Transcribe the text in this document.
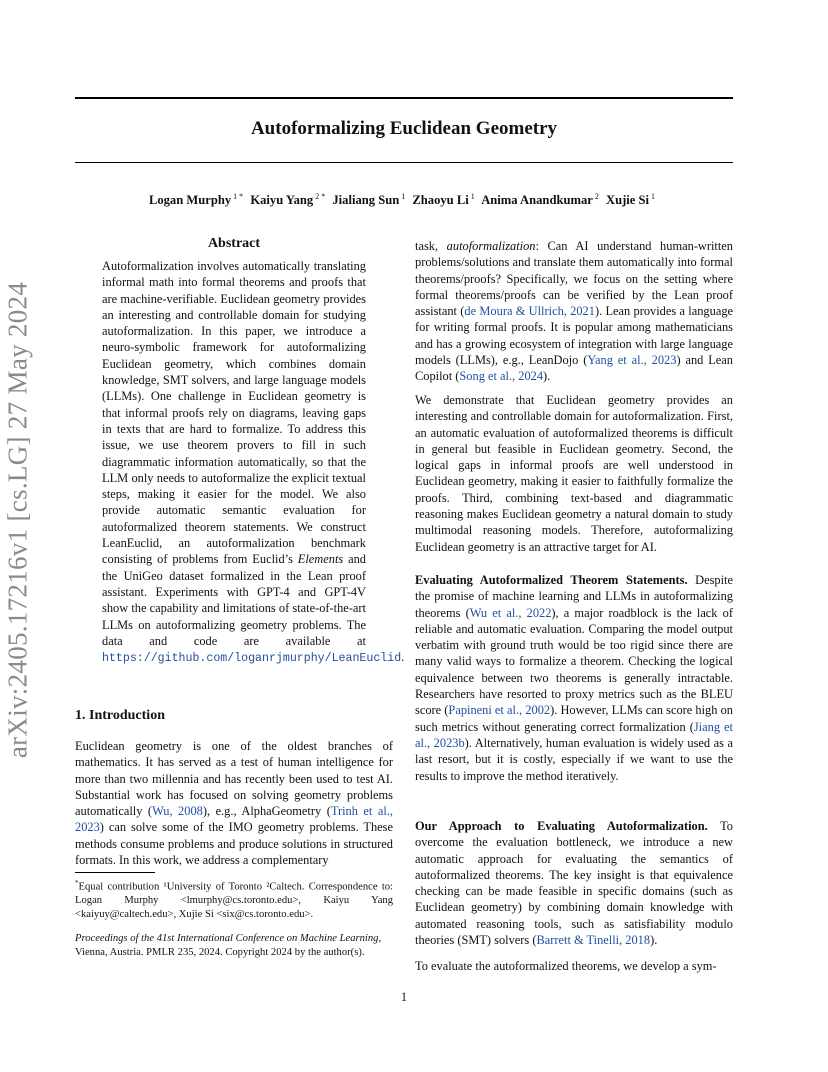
arXiv:2405.17216v1 [cs.LG] 27 May 2024
Autoformalizing Euclidean Geometry
Logan Murphy $^{1 *}$ Kaiyu Yang $^{2 *}$ Jialiang Sun $^1$ Zhaoyu Li $^1$ Anima Anandkumar $^2$ Xujie Si $^1$
Abstract
Autoformalization involves automatically translating informal math into formal theorems and proofs that are machine-verifiable. Euclidean geometry provides an interesting and controllable domain for studying autoformalization. In this paper, we introduce a neuro-symbolic framework for autoformalizing Euclidean geometry, which combines domain knowledge, SMT solvers, and large language models (LLMs). One challenge in Euclidean geometry is that informal proofs rely on diagrams, leaving gaps in texts that are hard to formalize. To address this issue, we use theorem provers to fill in such diagrammatic information automatically, so that the LLM only needs to autoformalize the explicit textual steps, making it easier for the model. We also provide automatic semantic evaluation for autoformalized theorem statements. We construct LeanEuclid, an autoformalization benchmark consisting of problems from Euclid’s Elements and the UniGeo dataset formalized in the Lean proof assistant. Experiments with GPT-4 and GPT-4V show the capability and limitations of state-of-the-art LLMs on autoformalizing geometry problems. The data and code are available at https://github.com/loganrjmurphy/LeanEuclid.
1. Introduction
Euclidean geometry is one of the oldest branches of mathematics. It has served as a test of human intelligence for more than two millennia and has recently been used to test AI. Substantial work has focused on solving geometry problems automatically (Wu, 2008), e.g., AlphaGeometry (Trinh et al., 2023) can solve some of the IMO geometry problems. These methods consume problems and produce solutions in structured formats. In this work, we address a complementary
*Equal contribution ¹University of Toronto ²Caltech. Correspondence to: Logan Murphy <lmurphy@cs.toronto.edu>, Kaiyu Yang <kaiyuy@caltech.edu>, Xujie Si <six@cs.toronto.edu>.
Proceedings of the 41st International Conference on Machine Learning, Vienna, Austria. PMLR 235, 2024. Copyright 2024 by the author(s).
task, autoformalization: Can AI understand human-written problems/solutions and translate them automatically into formal theorems/proofs? Specifically, we focus on the setting where formal theorems/proofs can be verified by the Lean proof assistant (de Moura & Ullrich, 2021). Lean provides a language for writing formal proofs. It is popular among mathematicians and has a growing ecosystem of integration with large language models (LLMs), e.g., LeanDojo (Yang et al., 2023) and Lean Copilot (Song et al., 2024).
We demonstrate that Euclidean geometry provides an interesting and controllable domain for autoformalization. First, an automatic evaluation of autoformalized theorems is difficult in general but feasible in Euclidean geometry. Second, the logical gaps in informal proofs are well understood in Euclidean geometry, making it easier to faithfully formalize the proofs. Third, combining text-based and diagrammatic reasoning makes Euclidean geometry a natural domain to study multimodal reasoning models. Therefore, autoformalizing Euclidean geometry is an attractive target for AI.
Evaluating Autoformalized Theorem Statements. Despite the promise of machine learning and LLMs in autoformalizing theorems (Wu et al., 2022), a major roadblock is the lack of reliable and automatic evaluation. Comparing the model output verbatim with ground truth would be too rigid since there are many valid ways to formalize a theorem. Checking the logical equivalence between two theorems is generally intractable. Researchers have resorted to proxy metrics such as the BLEU score (Papineni et al., 2002). However, LLMs can score high on such metrics without generating correct formalization (Jiang et al., 2023b). Alternatively, human evaluation is widely used as a last resort, but it is costly, especially if we want to use the results to improve the method iteratively.
Our Approach to Evaluating Autoformalization. To overcome the evaluation bottleneck, we introduce a new automatic approach for evaluating the semantics of autoformalized theorems. The key insight is that equivalence checking can be made feasible in specific domains (such as Euclidean geometry) by combining domain knowledge with automated reasoning tools, such as satisfiability modulo theories (SMT) solvers (Barrett & Tinelli, 2018).
To evaluate the autoformalized theorems, we develop a sym-
1
